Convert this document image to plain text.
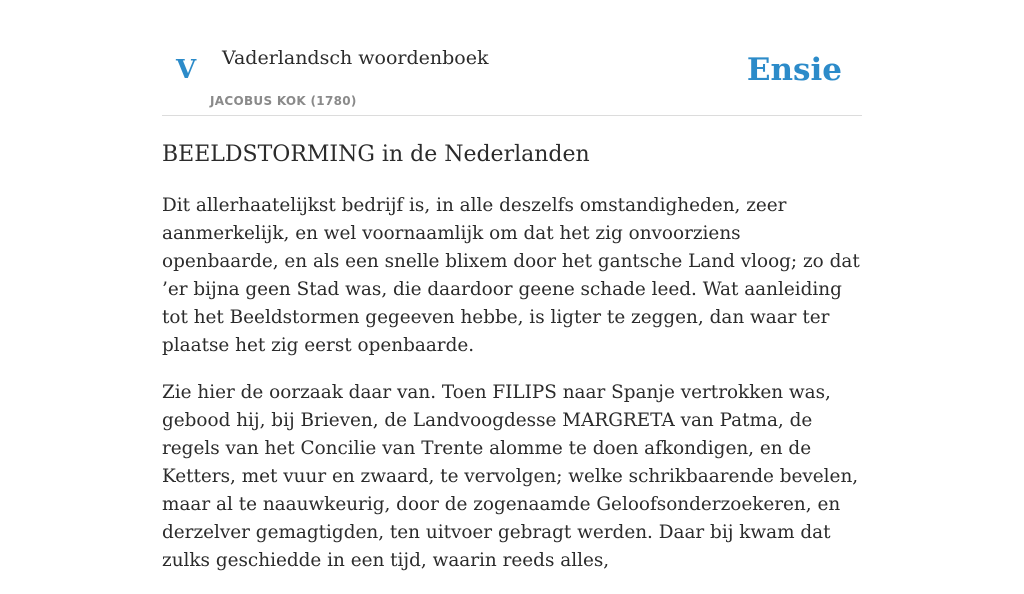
V Vaderlandsch woordenboek
JACOBUS KOK (1780)
Ensie
BEELDSTORMING in de Nederlanden

Dit allerhaatelijkst bedrijf is, in alle deszelfs omstandigheden, zeer aanmerkelijk, en wel voornaamlijk om dat het zig onvoorziens openbaarde, en als een snelle blixem door het gantsche Land vloog; zo dat ’er bijna geen Stad was, die daardoor geene schade leed. Wat aanleiding tot het Beeldstormen gegeeven hebbe, is ligter te zeggen, dan waar ter plaatse het zig eerst openbaarde.

Zie hier de oorzaak daar van. Toen FILIPS naar Spanje vertrokken was, gebood hij, bij Brieven, de Landvoogdesse MARGRETA van Patma, de regels van het Concilie van Trente alomme te doen afkondigen, en de Ketters, met vuur en zwaard, te vervolgen; welke schrikbaarende bevelen, maar al te naauwkeurig, door de zogenaamde Geloofsonderzoekeren, en derzelver gemagtigden, ten uitvoer gebragt werden. Daar bij kwam dat zulks geschiedde in een tijd, waarin reeds alles,
